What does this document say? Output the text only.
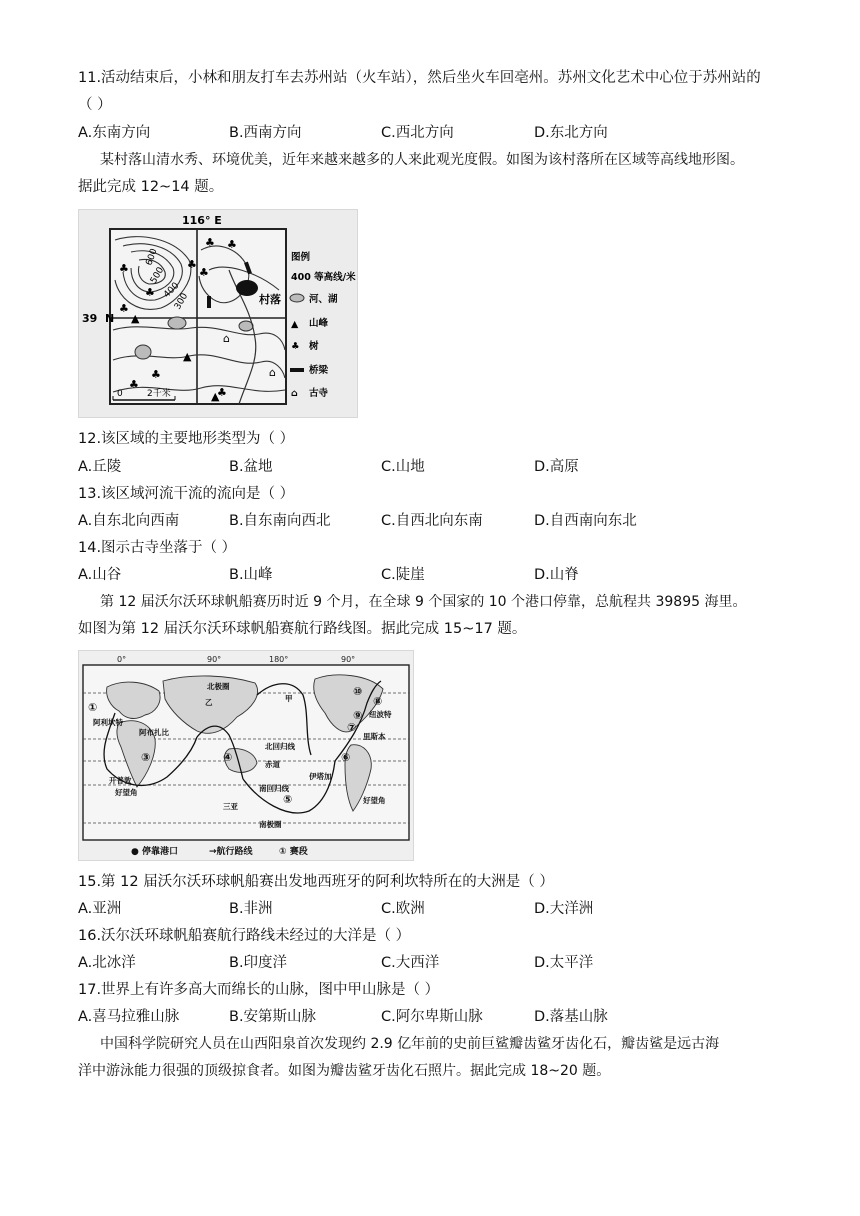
11.活动结束后，小林和朋友打车去苏州站（火车站），然后坐火车回亳州。苏州文化艺术中心位于苏州站的
（ ）
A.东南方向	B.西南方向	C.西北方向	D.东北方向
某村落山清水秀、环境优美，近年来越来越多的人来此观光度假。如图为该村落所在区域等高线地形图。
据此完成 12~14 题。
116° E
39 N
村落
600
500
400
300
♣
♣
♣
♣ ♣
♣
♣
♣
♣
♣
▲
▲
▲
⌂
⌂
0	2千米
图例
400 等高线/米
河、湖
▲ 山峰
♣ 树
桥梁
⌂ 古寺
12.该区域的主要地形类型为（ ）
A.丘陵	B.盆地	C.山地	D.高原
13.该区域河流干流的流向是（ ）
A.自东北向西南	B.自东南向西北	C.自西北向东南	D.自西南向东北
14.图示古寺坐落于（ ）
A.山谷	B.山峰	C.陡崖	D.山脊
第 12 届沃尔沃环球帆船赛历时近 9 个月，在全球 9 个国家的 10 个港口停靠，总航程共 39895 海里。
如图为第 12 届沃尔沃环球帆船赛航行路线图。据此完成 15~17 题。
0°	90°	180°	90°
①
③	④
⑤
⑥
⑦
⑧
⑨
⑩
北极圈
阿利坎特
阿布扎比
北回归线
赤道
里斯本
纽波特
伊塔加
南回归线
南极圈
开普敦
好望角
好望角
三亚
乙	甲
● 停靠港口	→航行路线	① 赛段
15.第 12 届沃尔沃环球帆船赛出发地西班牙的阿利坎特所在的大洲是（ ）
A.亚洲	B.非洲	C.欧洲	D.大洋洲
16.沃尔沃环球帆船赛航行路线未经过的大洋是（ ）
A.北冰洋	B.印度洋	C.大西洋	D.太平洋
17.世界上有许多高大而绵长的山脉，图中甲山脉是（ ）
A.喜马拉雅山脉	B.安第斯山脉	C.阿尔卑斯山脉	D.落基山脉
中国科学院研究人员在山西阳泉首次发现约 2.9 亿年前的史前巨鲨瓣齿鲨牙齿化石，瓣齿鲨是远古海
洋中游泳能力很强的顶级掠食者。如图为瓣齿鲨牙齿化石照片。据此完成 18~20 题。
